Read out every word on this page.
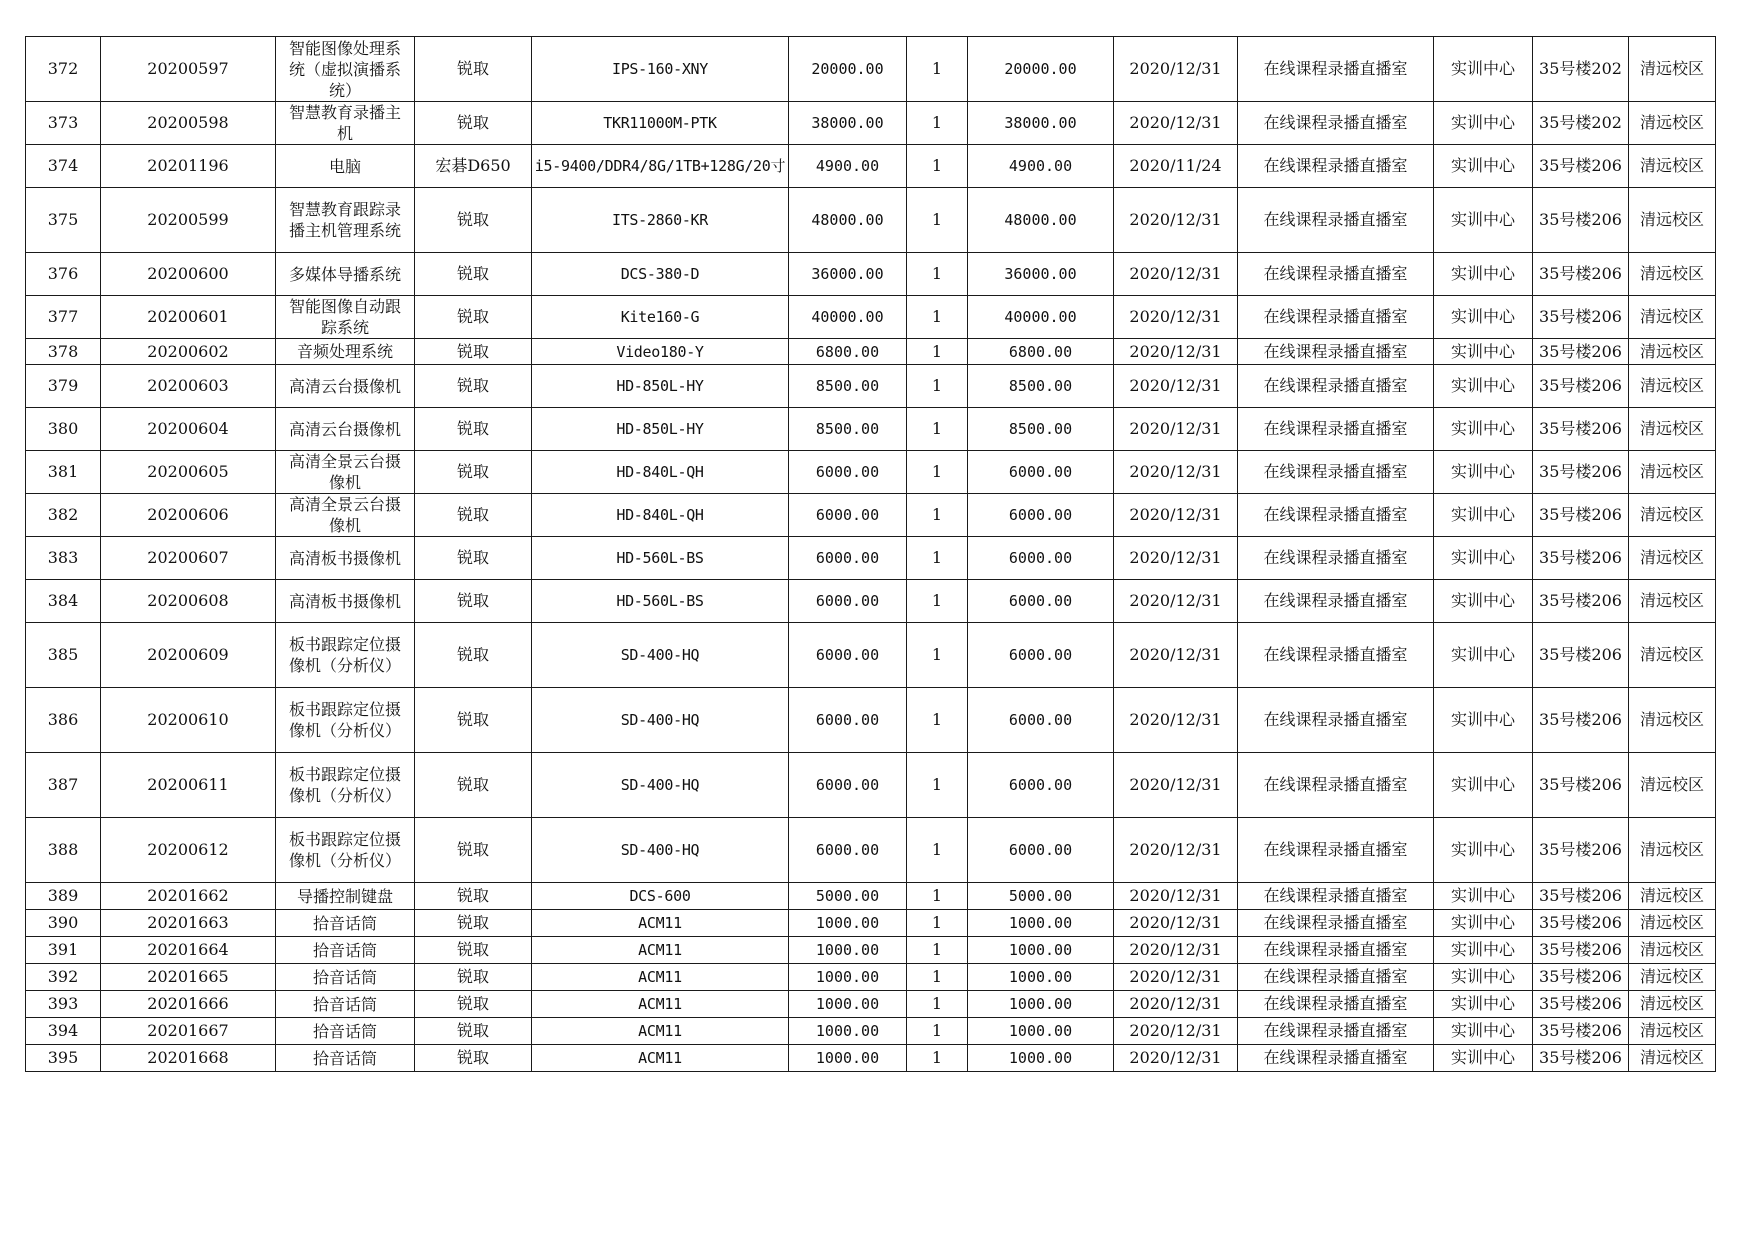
372	20200597	智能图像处理系统（虚拟演播系统）	锐取	IPS-160-XNY	20000.00	1	20000.00	2020/12/31	在线课程录播直播室	实训中心	35号楼202	清远校区
373	20200598	智慧教育录播主机	锐取	TKR11000M-PTK	38000.00	1	38000.00	2020/12/31	在线课程录播直播室	实训中心	35号楼202	清远校区
374	20201196	电脑	宏碁D650	i5-9400/DDR4/8G/1TB+128G/20寸	4900.00	1	4900.00	2020/11/24	在线课程录播直播室	实训中心	35号楼206	清远校区
375	20200599	智慧教育跟踪录播主机管理系统	锐取	ITS-2860-KR	48000.00	1	48000.00	2020/12/31	在线课程录播直播室	实训中心	35号楼206	清远校区
376	20200600	多媒体导播系统	锐取	DCS-380-D	36000.00	1	36000.00	2020/12/31	在线课程录播直播室	实训中心	35号楼206	清远校区
377	20200601	智能图像自动跟踪系统	锐取	Kite160-G	40000.00	1	40000.00	2020/12/31	在线课程录播直播室	实训中心	35号楼206	清远校区
378	20200602	音频处理系统	锐取	Video180-Y	6800.00	1	6800.00	2020/12/31	在线课程录播直播室	实训中心	35号楼206	清远校区
379	20200603	高清云台摄像机	锐取	HD-850L-HY	8500.00	1	8500.00	2020/12/31	在线课程录播直播室	实训中心	35号楼206	清远校区
380	20200604	高清云台摄像机	锐取	HD-850L-HY	8500.00	1	8500.00	2020/12/31	在线课程录播直播室	实训中心	35号楼206	清远校区
381	20200605	高清全景云台摄像机	锐取	HD-840L-QH	6000.00	1	6000.00	2020/12/31	在线课程录播直播室	实训中心	35号楼206	清远校区
382	20200606	高清全景云台摄像机	锐取	HD-840L-QH	6000.00	1	6000.00	2020/12/31	在线课程录播直播室	实训中心	35号楼206	清远校区
383	20200607	高清板书摄像机	锐取	HD-560L-BS	6000.00	1	6000.00	2020/12/31	在线课程录播直播室	实训中心	35号楼206	清远校区
384	20200608	高清板书摄像机	锐取	HD-560L-BS	6000.00	1	6000.00	2020/12/31	在线课程录播直播室	实训中心	35号楼206	清远校区
385	20200609	板书跟踪定位摄像机（分析仪）	锐取	SD-400-HQ	6000.00	1	6000.00	2020/12/31	在线课程录播直播室	实训中心	35号楼206	清远校区
386	20200610	板书跟踪定位摄像机（分析仪）	锐取	SD-400-HQ	6000.00	1	6000.00	2020/12/31	在线课程录播直播室	实训中心	35号楼206	清远校区
387	20200611	板书跟踪定位摄像机（分析仪）	锐取	SD-400-HQ	6000.00	1	6000.00	2020/12/31	在线课程录播直播室	实训中心	35号楼206	清远校区
388	20200612	板书跟踪定位摄像机（分析仪）	锐取	SD-400-HQ	6000.00	1	6000.00	2020/12/31	在线课程录播直播室	实训中心	35号楼206	清远校区
389	20201662	导播控制键盘	锐取	DCS-600	5000.00	1	5000.00	2020/12/31	在线课程录播直播室	实训中心	35号楼206	清远校区
390	20201663	拾音话筒	锐取	ACM11	1000.00	1	1000.00	2020/12/31	在线课程录播直播室	实训中心	35号楼206	清远校区
391	20201664	拾音话筒	锐取	ACM11	1000.00	1	1000.00	2020/12/31	在线课程录播直播室	实训中心	35号楼206	清远校区
392	20201665	拾音话筒	锐取	ACM11	1000.00	1	1000.00	2020/12/31	在线课程录播直播室	实训中心	35号楼206	清远校区
393	20201666	拾音话筒	锐取	ACM11	1000.00	1	1000.00	2020/12/31	在线课程录播直播室	实训中心	35号楼206	清远校区
394	20201667	拾音话筒	锐取	ACM11	1000.00	1	1000.00	2020/12/31	在线课程录播直播室	实训中心	35号楼206	清远校区
395	20201668	拾音话筒	锐取	ACM11	1000.00	1	1000.00	2020/12/31	在线课程录播直播室	实训中心	35号楼206	清远校区
